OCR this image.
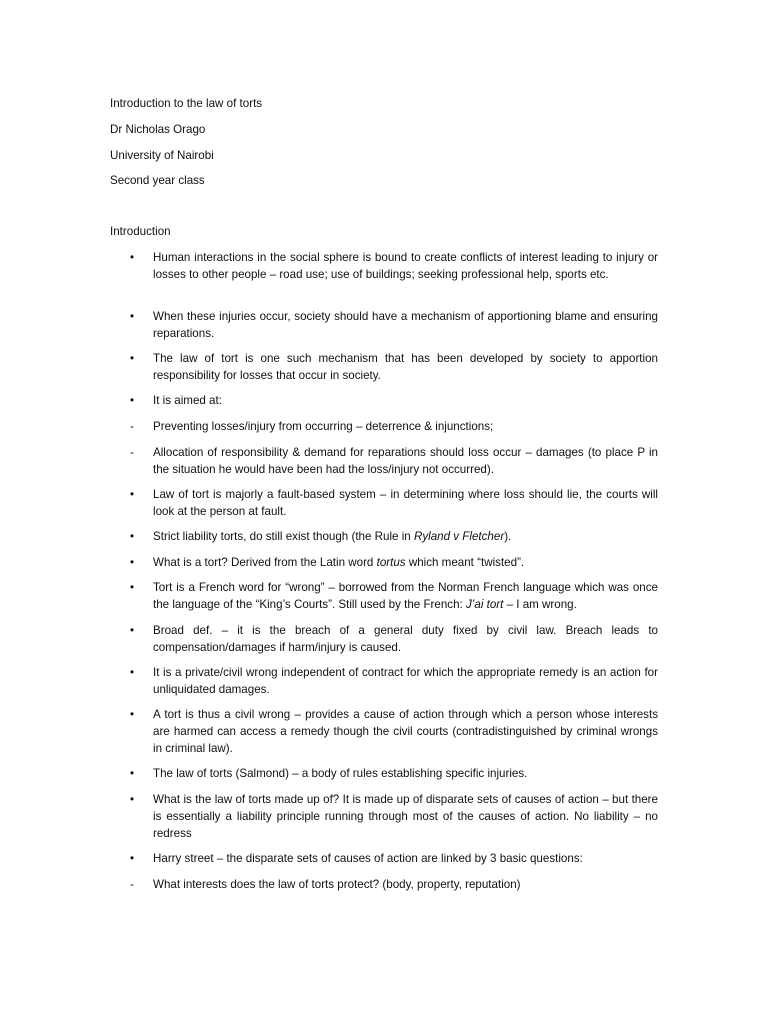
Introduction to the law of torts

Dr Nicholas Orago

University of Nairobi

Second year class

Introduction

•	Human interactions in the social sphere is bound to create conflicts of interest leading to injury or losses to other people – road use; use of buildings; seeking professional help, sports etc.
•	When these injuries occur, society should have a mechanism of apportioning blame and ensuring reparations.
•	The law of tort is one such mechanism that has been developed by society to apportion responsibility for losses that occur in society.
•	It is aimed at:
-	Preventing losses/injury from occurring – deterrence & injunctions;
-	Allocation of responsibility & demand for reparations should loss occur – damages (to place P in the situation he would have been had the loss/injury not occurred).
•	Law of tort is majorly a fault-based system – in determining where loss should lie, the courts will look at the person at fault.
•	Strict liability torts, do still exist though (the Rule in Ryland v Fletcher).
•	What is a tort? Derived from the Latin word tortus which meant “twisted”.
•	Tort is a French word for “wrong” – borrowed from the Norman French language which was once the language of the “King’s Courts”. Still used by the French: J’ai tort – I am wrong.
•	Broad def. – it is the breach of a general duty fixed by civil law. Breach leads to compensation/damages if harm/injury is caused.
•	It is a private/civil wrong independent of contract for which the appropriate remedy is an action for unliquidated damages.
•	A tort is thus a civil wrong – provides a cause of action through which a person whose interests are harmed can access a remedy though the civil courts (contradistinguished by criminal wrongs in criminal law).
•	The law of torts (Salmond) – a body of rules establishing specific injuries.
•	What is the law of torts made up of? It is made up of disparate sets of causes of action – but there is essentially a liability principle running through most of the causes of action. No liability – no redress
•	Harry street – the disparate sets of causes of action are linked by 3 basic questions:
-	What interests does the law of torts protect? (body, property, reputation)
